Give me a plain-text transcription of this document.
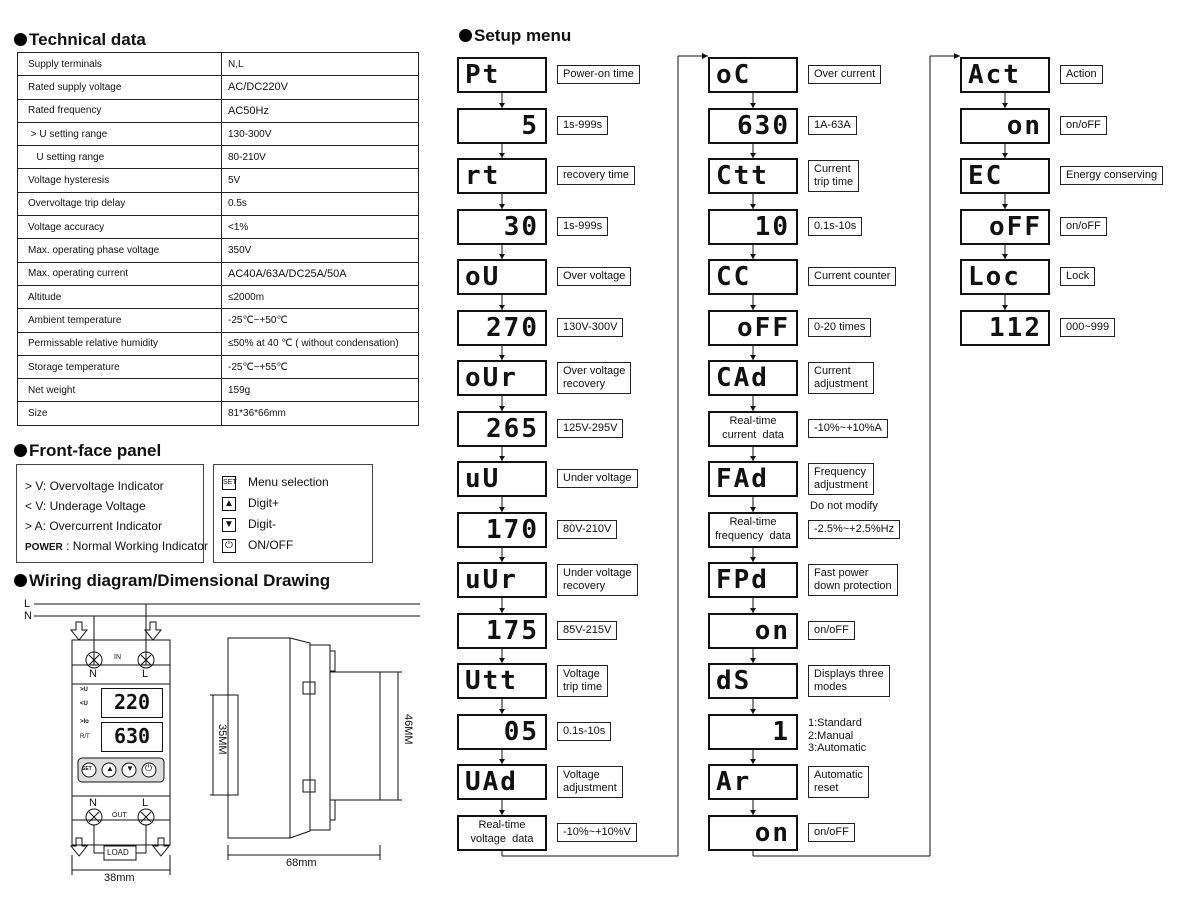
Technical data	Setup menu
Front-face panel
Wiring diagram/Dimensional Drawing
Supply terminals	N,L
Rated supply voltage	AC/DC220V
Rated frequency	AC50Hz
> U setting range	130-300V
U setting range	80-210V
Voltage hysteresis	5V
Overvoltage trip delay	0.5s
Voltage accuracy	<1%
Max. operating phase voltage	350V
Max. operating current	AC40A/63A/DC25A/50A
Altitude	≤2000m
Ambient temperature	-25℃~+50℃
Permissable relative humidity	≤50% at 40 ℃ ( without condensation)
Storage temperature	-25℃~+55℃
Net weight	159g
Size	81*36*66mm
> V: Overvoltage Indicator
< V: Underage Voltage
> A: Overcurrent Indicator
POWER : Normal Working Indicator
SET Menu selection
▲ Digit+
▼ Digit-
⏻ ON/OFF
L
N
N	L
IN
OUT
N	L
>U
<U
>Io
R/T
220
630
SET ▲ ▼ ⏻
LOAD
38mm
68mm
35MM	46MM
Pt	Power-on time
5	1s-999s
rt	recovery time
30	1s-999s
oU	Over voltage
270	130V-300V
oUr	Over voltage
recovery
265	125V-295V
uU	Under voltage
170	80V-210V
uUr	Under voltage
recovery
175	85V-215V
Utt	Voltage
trip time
05	0.1s-10s
UAd	Voltage
adjustment
Real-time
voltage  data
-10%~+10%V
oC	Over current
630	1A-63A
Ctt	Current
trip time
10	0.1s-10s
CC	Current counter
oFF	0-20 times
CAd	Current
adjustment
Real-time
current  data
-10%~+10%A
FAd	Frequency
adjustment
Do not modify
Real-time
frequency  data
-2.5%~+2.5%Hz
FPd	Fast power
down protection
on	on/oFF
dS	Displays three
modes
1	1:Standard
2:Manual
3:Automatic
Ar	Automatic
reset
on	on/oFF
Act	Action
on	on/oFF
EC	Energy conserving
oFF	on/oFF
Loc	Lock
112	000~999
